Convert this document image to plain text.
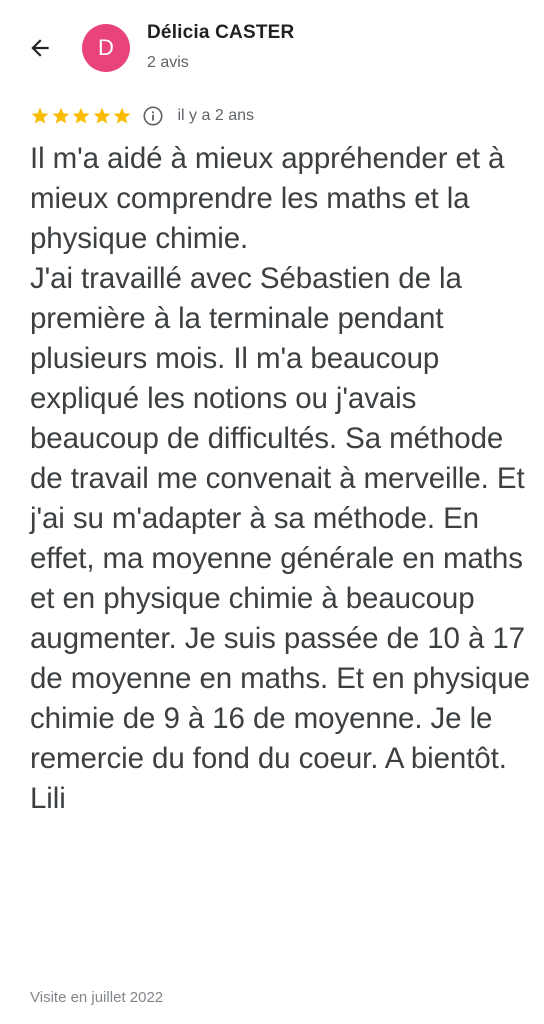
D
Délicia CASTER
2 avis
il y a 2 ans

Il m'a aidé à mieux appréhender et à mieux comprendre les maths et la physique chimie.
J'ai travaillé avec Sébastien de la première à la terminale pendant plusieurs mois. Il m'a beaucoup expliqué les notions ou j'avais beaucoup de difficultés. Sa méthode de travail me convenait à merveille. Et j'ai su m'adapter à sa méthode. En effet, ma moyenne générale en maths et en physique chimie à beaucoup augmenter. Je suis passée de 10 à 17 de moyenne en maths. Et en physique chimie de 9 à 16 de moyenne. Je le remercie du fond du coeur. A bientôt.
Lili

Visite en juillet 2022
